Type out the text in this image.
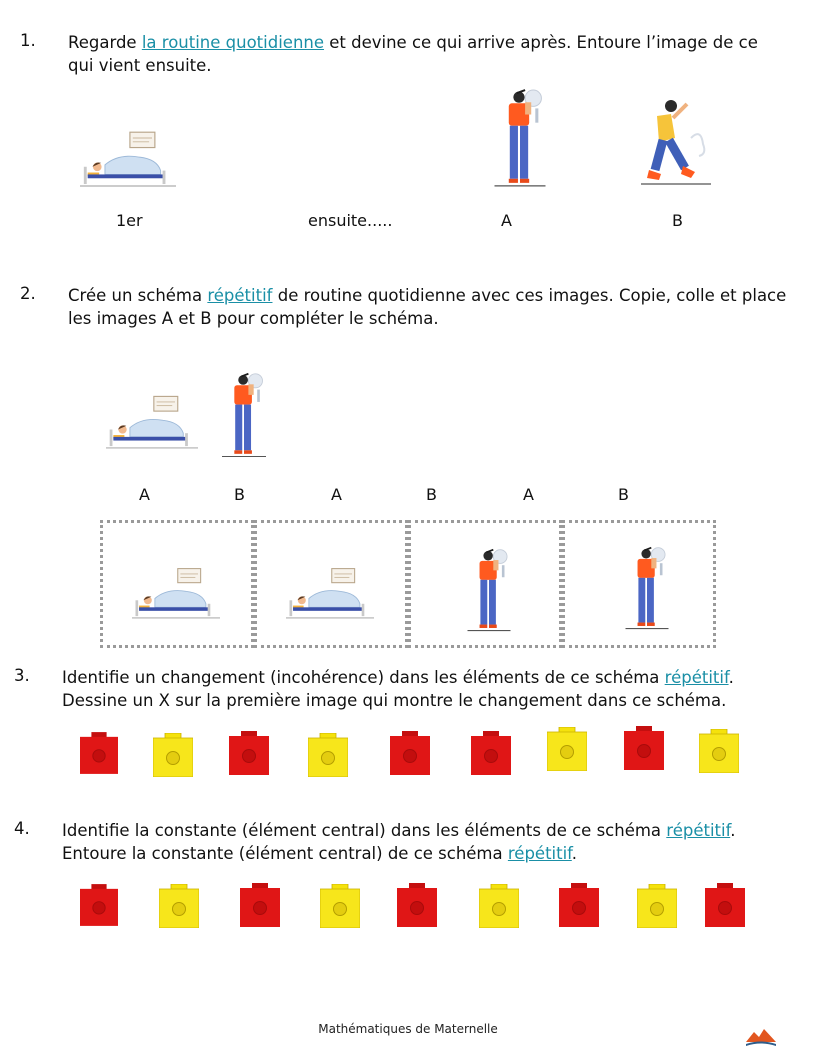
1. Regarde la routine quotidienne et devine ce qui arrive après. Entoure l’image de ce qui vient ensuite.
1er	ensuite.....	A	B
2. Crée un schéma répétitif de routine quotidienne avec ces images. Copie, colle et place les images A et B pour compléter le schéma.
A	B	A	B	A	B
3. Identifie un changement (incohérence) dans les éléments de ce schéma répétitif. Dessine un X sur la première image qui montre le changement dans ce schéma.
4. Identifie la constante (élément central) dans les éléments de ce schéma répétitif. Entoure la constante (élément central) de ce schéma répétitif.
Mathématiques de Maternelle
